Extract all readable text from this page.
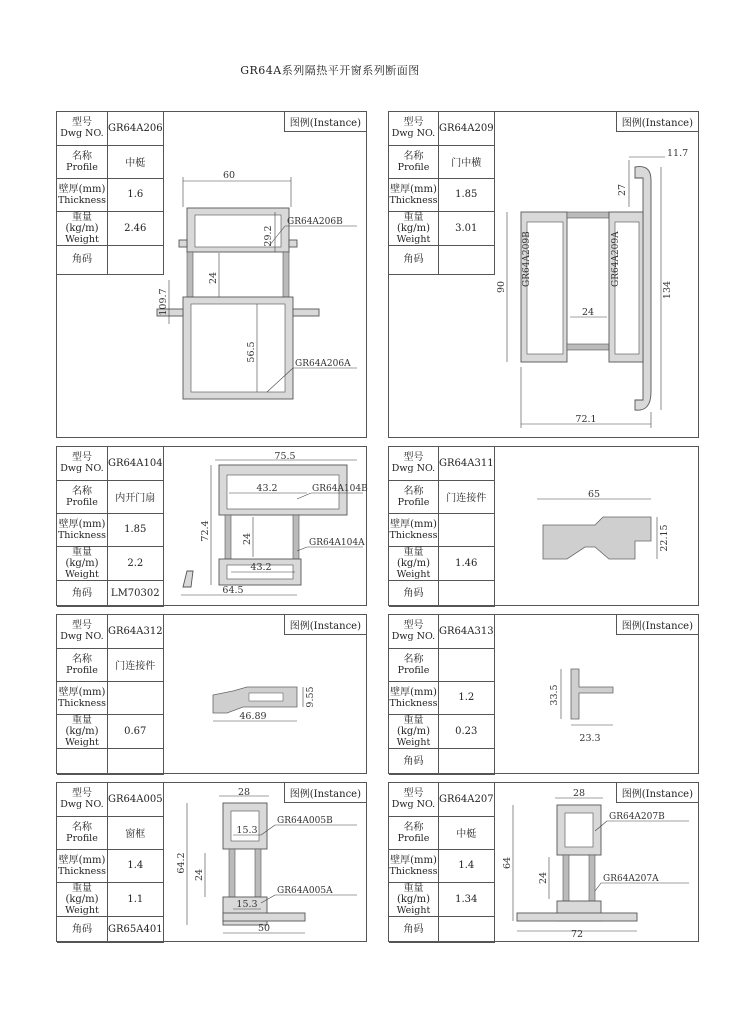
GR64A系列隔热平开窗系列断面图
型号
Dwg NO.	GR64A206

名称
Profile	中梃

壁厚(mm)
Thickness	1.6

重量(kg/m)
Weight	2.46

角码	

图例(Instance)
60
29.2
24
56.5
109.7
GR64A206B
GR64A206A
型号
Dwg NO.	GR64A209

名称
Profile	门中横

壁厚(mm)
Thickness	1.85

重量(kg/m)
Weight	3.01

角码	

图例(Instance)
11.7
27
24
90	134
72.1
GR64A209B	GR64A209A
型号
Dwg NO.	GR64A104

名称
Profile	内开门扇

壁厚(mm)
Thickness	1.85

重量(kg/m)
Weight	2.2

角码	LM70302
75.5
43.2
43.2
24
72.4
64.5
GR64A104B
GR64A104A
型号
Dwg NO.	GR64A311

名称
Profile	门连接件

壁厚(mm)
Thickness	

重量(kg/m)
Weight	1.46

角码	

65
22.15
型号
Dwg NO.	GR64A312

名称
Profile	门连接件

壁厚(mm)
Thickness	

重量(kg/m)
Weight	0.67

图例(Instance)
9.55
46.89
型号
Dwg NO.	GR64A313

名称
Profile	

壁厚(mm)
Thickness	1.2

重量(kg/m)
Weight	0.23

角码	

图例(Instance)
33.5
23.3
型号
Dwg NO.	GR64A005

名称
Profile	窗框

壁厚(mm)
Thickness	1.4

重量(kg/m)
Weight	1.1

角码	GR65A401
图例(Instance)
28
15.3
15.3
24
64.2
50
GR64A005B
GR64A005A
型号
Dwg NO.	GR64A207

名称
Profile	中梃

壁厚(mm)
Thickness	1.4

重量(kg/m)
Weight	1.34

角码	

图例(Instance)
28
24
64
72
GR64A207B
GR64A207A
